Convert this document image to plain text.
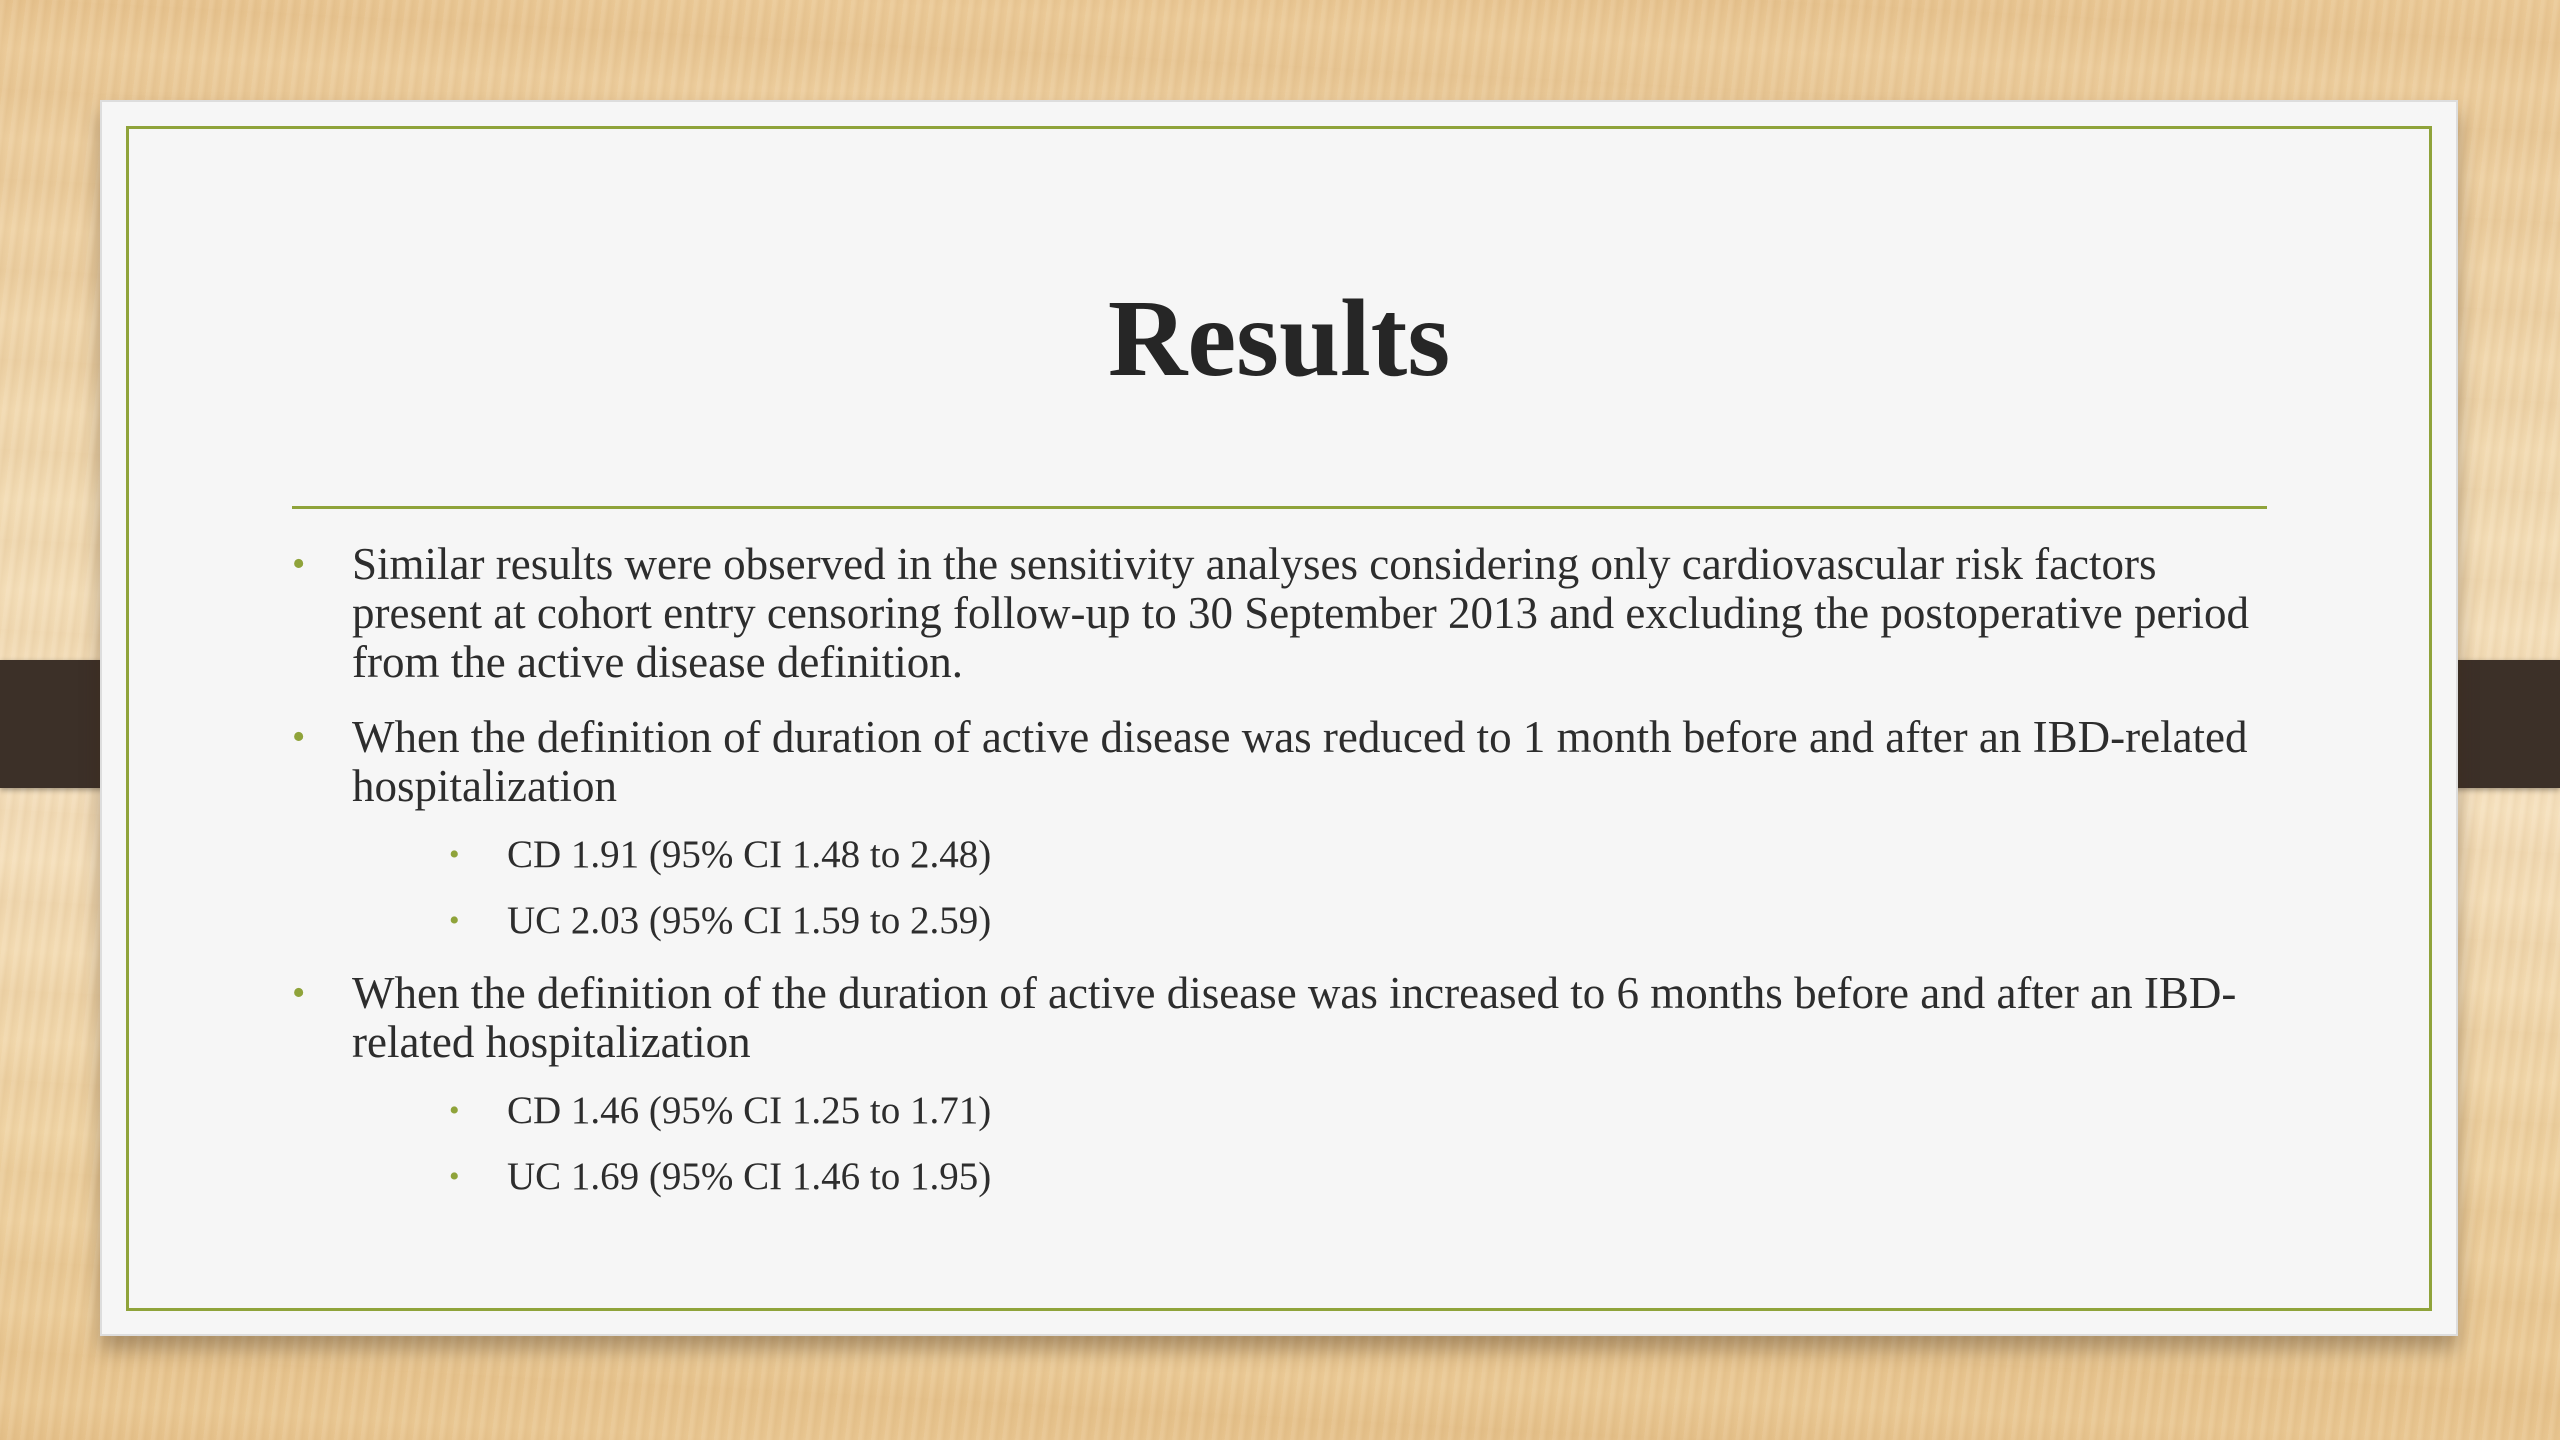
Results
• Similar results were observed in the sensitivity analyses considering only cardiovascular risk factors present at cohort entry censoring follow-up to 30 September 2013 and excluding the postoperative period from the active disease definition.
• When the definition of duration of active disease was reduced to 1 month before and after an IBD-related hospitalization
• CD 1.91 (95% CI 1.48 to 2.48)
• UC 2.03 (95% CI 1.59 to 2.59)
• When the definition of the duration of active disease was increased to 6 months before and after an IBD-related hospitalization
• CD 1.46 (95% CI 1.25 to 1.71)
• UC 1.69 (95% CI 1.46 to 1.95)
